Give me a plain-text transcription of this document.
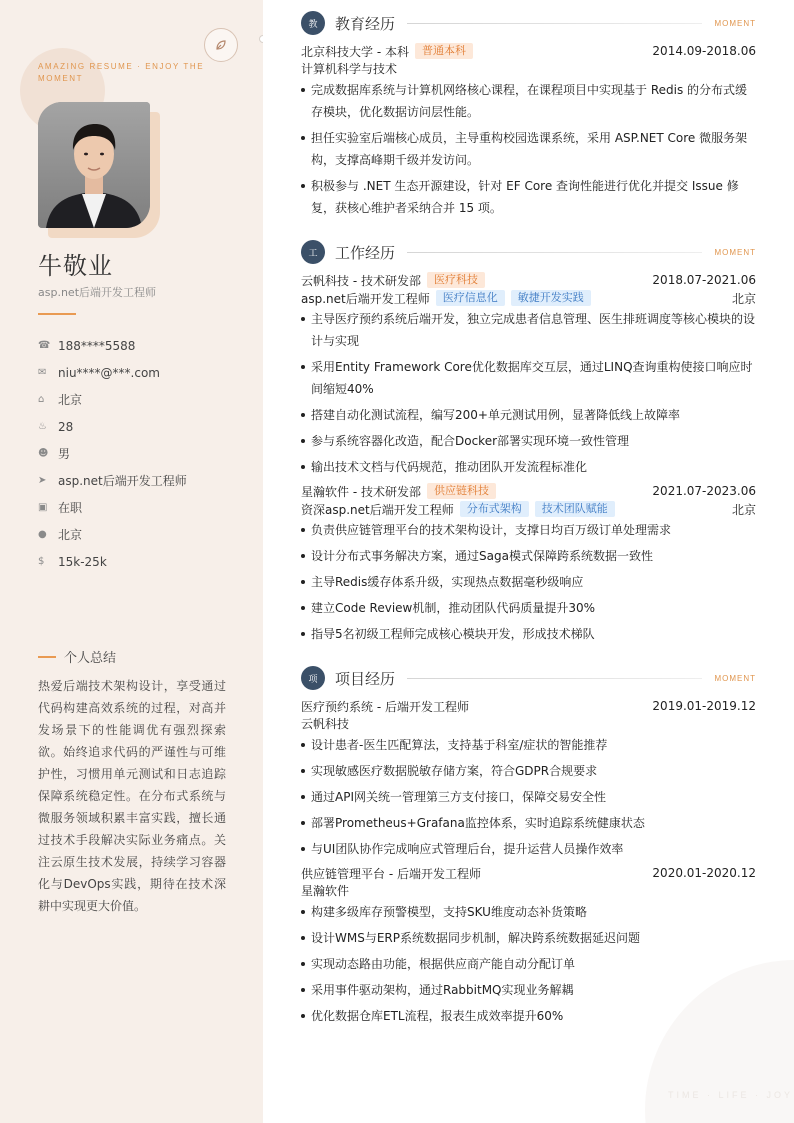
AMAZING RESUME · ENJOY THE MOMENT
牛敬业
asp.net后端开发工程师
☎ 188****5588
✉ niu****@***.com
⌂	北京
♨ 28
☻ 男
➤ asp.net后端开发工程师
▣ 在职
● 北京
$	15k-25k
个人总结

热爱后端技术架构设计，享受通过代码构建高效系统的过程，对高并发场景下的性能调优有强烈探索欲。始终追求代码的严谨性与可维护性，习惯用单元测试和日志追踪保障系统稳定性。在分布式系统与微服务领域积累丰富实践，擅长通过技术手段解决实际业务痛点。关注云原生技术发展，持续学习容器化与DevOps实践，期待在技术深耕中实现更大价值。

TIME · LIFE · JOY
教	教育经历	MOMENT
北京科技大学 - 本科	普通本科	2014.09-2018.06
计算机科学与技术
完成数据库系统与计算机网络核心课程，在课程项目中实现基于 Redis 的分布式缓存模块，优化数据访问层性能。
担任实验室后端核心成员，主导重构校园选课系统，采用 ASP.NET Core 微服务架构，支撑高峰期千级并发访问。
积极参与 .NET 生态开源建设，针对 EF Core 查询性能进行优化并提交 Issue 修复，获核心维护者采纳合并 15 项。
工	工作经历	MOMENT
云帆科技 - 技术研发部	医疗科技	2018.07-2021.06
asp.net后端开发工程师	医疗信息化	敏捷开发实践	北京
主导医疗预约系统后端开发，独立完成患者信息管理、医生排班调度等核心模块的设计与实现
采用Entity Framework Core优化数据库交互层，通过LINQ查询重构使接口响应时间缩短40%
搭建自动化测试流程，编写200+单元测试用例，显著降低线上故障率
参与系统容器化改造，配合Docker部署实现环境一致性管理
输出技术文档与代码规范，推动团队开发流程标准化
星瀚软件 - 技术研发部	供应链科技	2021.07-2023.06
资深asp.net后端开发工程师	分布式架构	技术团队赋能	北京
负责供应链管理平台的技术架构设计，支撑日均百万级订单处理需求
设计分布式事务解决方案，通过Saga模式保障跨系统数据一致性
主导Redis缓存体系升级，实现热点数据毫秒级响应
建立Code Review机制，推动团队代码质量提升30%
指导5名初级工程师完成核心模块开发，形成技术梯队
项	项目经历	MOMENT
医疗预约系统 - 后端开发工程师	2019.01-2019.12
云帆科技
设计患者-医生匹配算法，支持基于科室/症状的智能推荐
实现敏感医疗数据脱敏存储方案，符合GDPR合规要求
通过API网关统一管理第三方支付接口，保障交易安全性
部署Prometheus+Grafana监控体系，实时追踪系统健康状态
与UI团队协作完成响应式管理后台，提升运营人员操作效率
供应链管理平台 - 后端开发工程师	2020.01-2020.12
星瀚软件
构建多级库存预警模型，支持SKU维度动态补货策略
设计WMS与ERP系统数据同步机制，解决跨系统数据延迟问题
实现动态路由功能，根据供应商产能自动分配订单
采用事件驱动架构，通过RabbitMQ实现业务解耦
优化数据仓库ETL流程，报表生成效率提升60%
